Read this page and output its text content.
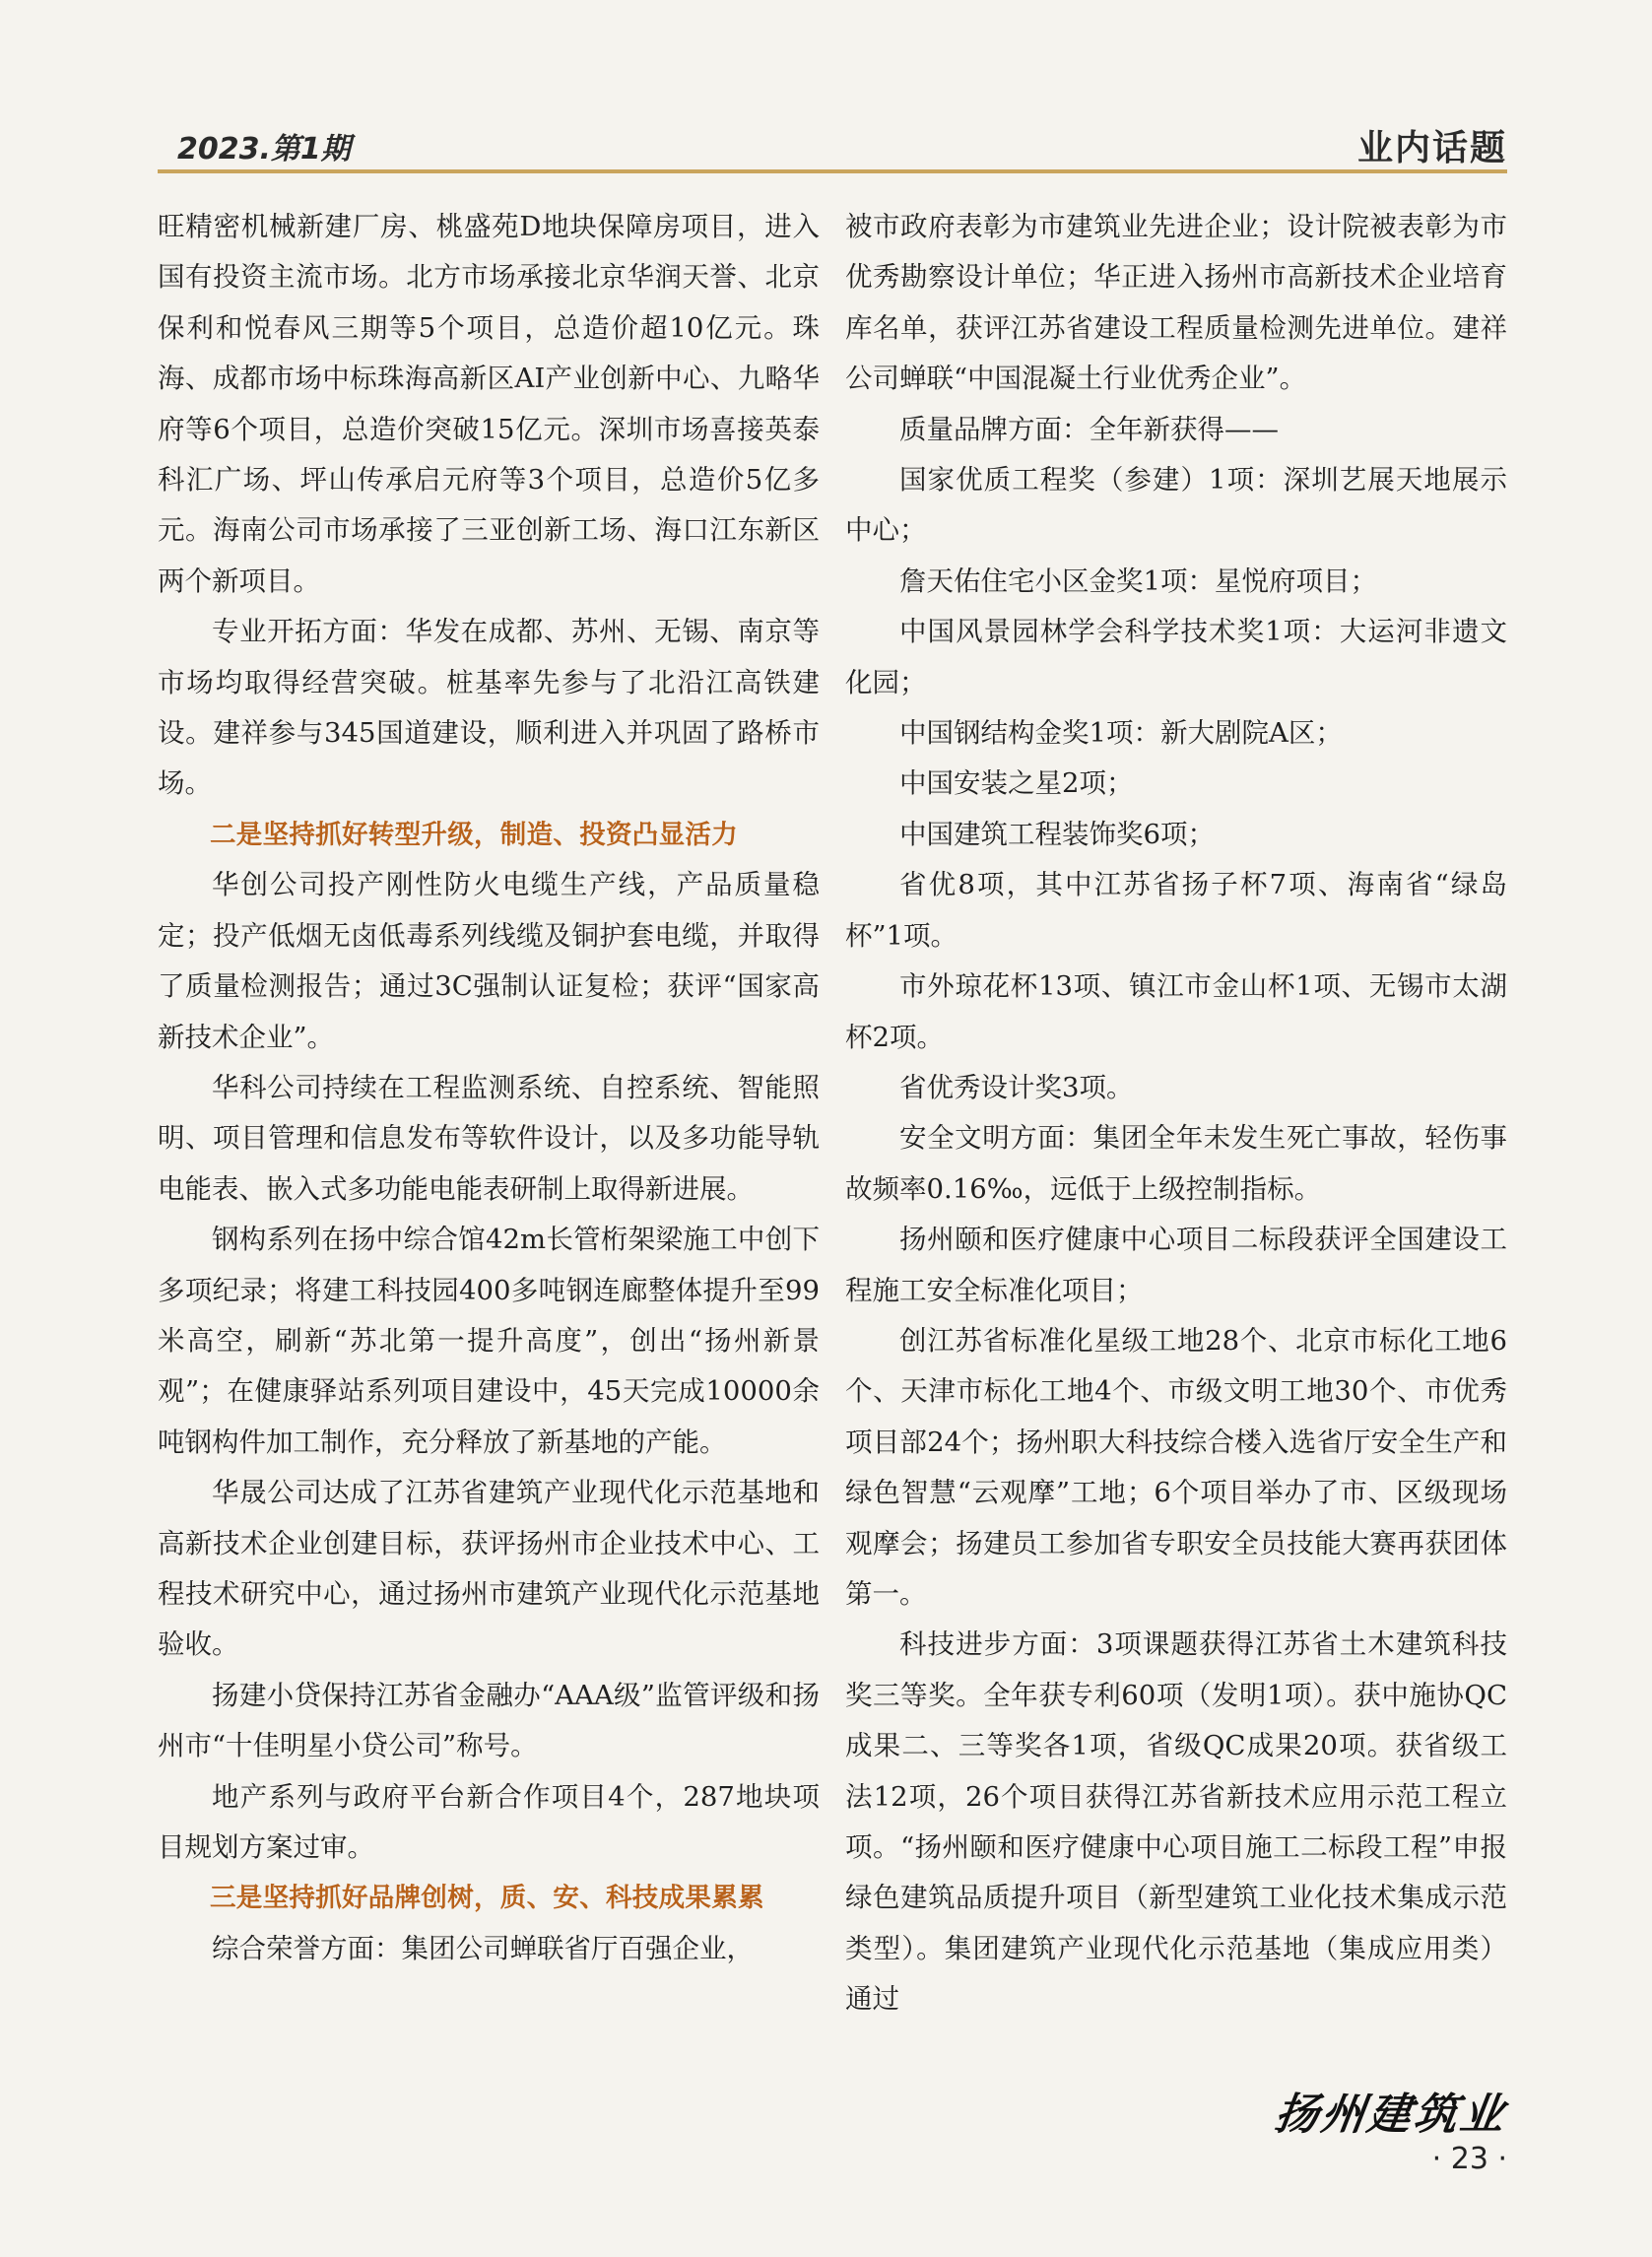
2023.第1期	业内话题

旺精密机械新建厂房、桃盛苑D地块保障房项目，进入国有投资主流市场。北方市场承接北京华润天誉、北京保利和悦春风三期等5个项目，总造价超10亿元。珠海、成都市场中标珠海高新区AI产业创新中心、九略华府等6个项目，总造价突破15亿元。深圳市场喜接英泰科汇广场、坪山传承启元府等3个项目，总造价5亿多元。海南公司市场承接了三亚创新工场、海口江东新区两个新项目。

专业开拓方面：华发在成都、苏州、无锡、南京等市场均取得经营突破。桩基率先参与了北沿江高铁建设。建祥参与345国道建设，顺利进入并巩固了路桥市场。

二是坚持抓好转型升级，制造、投资凸显活力

华创公司投产刚性防火电缆生产线，产品质量稳定；投产低烟无卤低毒系列线缆及铜护套电缆，并取得了质量检测报告；通过3C强制认证复检；获评“国家高新技术企业”。

华科公司持续在工程监测系统、自控系统、智能照明、项目管理和信息发布等软件设计，以及多功能导轨电能表、嵌入式多功能电能表研制上取得新进展。

钢构系列在扬中综合馆42m长管桁架梁施工中创下多项纪录；将建工科技园400多吨钢连廊整体提升至99米高空，刷新“苏北第一提升高度”，创出“扬州新景观”；在健康驿站系列项目建设中，45天完成10000余吨钢构件加工制作，充分释放了新基地的产能。

华晟公司达成了江苏省建筑产业现代化示范基地和高新技术企业创建目标，获评扬州市企业技术中心、工程技术研究中心，通过扬州市建筑产业现代化示范基地验收。

扬建小贷保持江苏省金融办“AAA级”监管评级和扬州市“十佳明星小贷公司”称号。

地产系列与政府平台新合作项目4个，287地块项目规划方案过审。

三是坚持抓好品牌创树，质、安、科技成果累累

综合荣誉方面：集团公司蝉联省厅百强企业，

被市政府表彰为市建筑业先进企业；设计院被表彰为市优秀勘察设计单位；华正进入扬州市高新技术企业培育库名单，获评江苏省建设工程质量检测先进单位。建祥公司蝉联“中国混凝土行业优秀企业”。

质量品牌方面：全年新获得——

国家优质工程奖（参建）1项：深圳艺展天地展示中心；

詹天佑住宅小区金奖1项：星悦府项目；

中国风景园林学会科学技术奖1项：大运河非遗文化园；

中国钢结构金奖1项：新大剧院A区；

中国安装之星2项；

中国建筑工程装饰奖6项；

省优8项，其中江苏省扬子杯7项、海南省“绿岛杯”1项。

市外琼花杯13项、镇江市金山杯1项、无锡市太湖杯2项。

省优秀设计奖3项。

安全文明方面：集团全年未发生死亡事故，轻伤事故频率0.16‰，远低于上级控制指标。

扬州颐和医疗健康中心项目二标段获评全国建设工程施工安全标准化项目；

创江苏省标准化星级工地28个、北京市标化工地6个、天津市标化工地4个、市级文明工地30个、市优秀项目部24个；扬州职大科技综合楼入选省厅安全生产和绿色智慧“云观摩”工地；6个项目举办了市、区级现场观摩会；扬建员工参加省专职安全员技能大赛再获团体第一。

科技进步方面：3项课题获得江苏省土木建筑科技奖三等奖。全年获专利60项（发明1项）。获中施协QC成果二、三等奖各1项，省级QC成果20项。获省级工法12项，26个项目获得江苏省新技术应用示范工程立项。“扬州颐和医疗健康中心项目施工二标段工程”申报绿色建筑品质提升项目（新型建筑工业化技术集成示范类型）。集团建筑产业现代化示范基地（集成应用类）通过

扬州建筑业 · 23 ·
